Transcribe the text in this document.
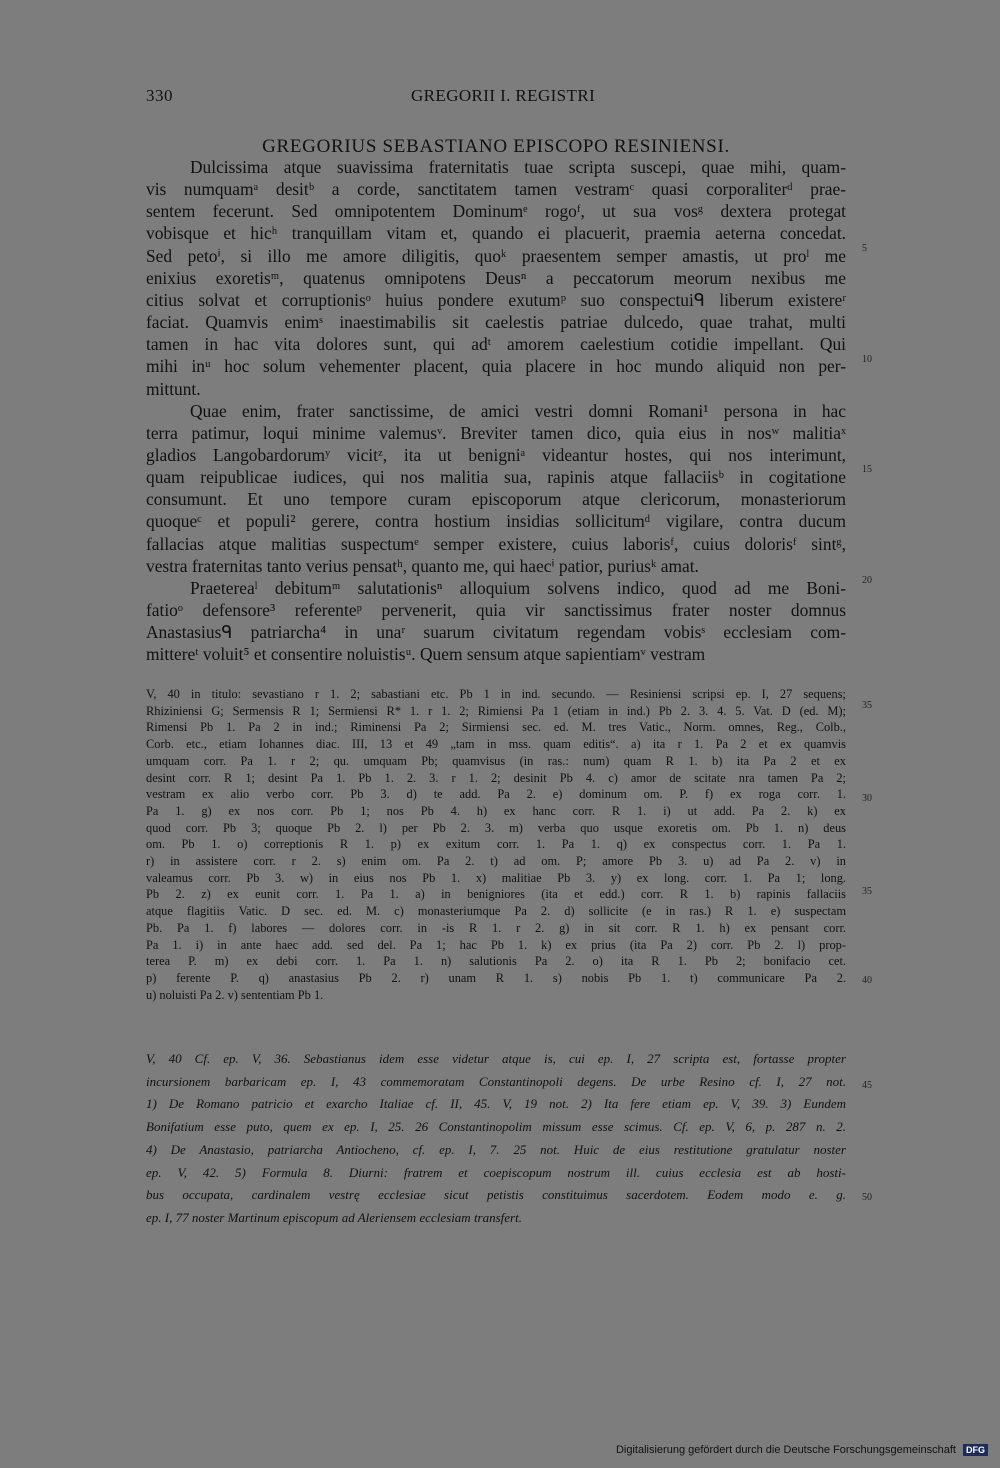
330	GREGORII I. REGISTRI
GREGORIUS SEBASTIANO EPISCOPO RESINIENSI.
Dulcissima atque suavissima fraternitatis tuae scripta suscepi, quae mihi, quam-
vis numquamᵃ desitᵇ a corde, sanctitatem tamen vestramᶜ quasi corporaliterᵈ prae-
sentem fecerunt. Sed omnipotentem Dominumᵉ rogoᶠ, ut sua vosᵍ dextera protegat
vobisque et hicʰ tranquillam vitam et, quando ei placuerit, praemia aeterna concedat.
Sed petoⁱ, si illo me amore diligitis, quoᵏ praesentem semper amastis, ut proˡ me
enixius exoretisᵐ, quatenus omnipotens Deusⁿ a peccatorum meorum nexibus me
citius solvat et corruptionisᵒ huius pondere exutumᵖ suo conspectuiᑫ liberum existereʳ
faciat. Quamvis enimˢ inaestimabilis sit caelestis patriae dulcedo, quae trahat, multi
tamen in hac vita dolores sunt, qui adᵗ amorem caelestium cotidie impellant. Qui
mihi inᵘ hoc solum vehementer placent, quia placere in hoc mundo aliquid non per-
mittunt.
Quae enim, frater sanctissime, de amici vestri domni Romani¹ persona in hac
terra patimur, loqui minime valemusᵛ. Breviter tamen dico, quia eius in nosʷ malitiaˣ
gladios Langobardorumʸ vicitᶻ, ita ut benigniᵃ videantur hostes, qui nos interimunt,
quam reipublicae iudices, qui nos malitia sua, rapinis atque fallaciisᵇ in cogitatione
consumunt. Et uno tempore curam episcoporum atque clericorum, monasteriorum
quoqueᶜ et populi² gerere, contra hostium insidias sollicitumᵈ vigilare, contra ducum
fallacias atque malitias suspectumᵉ semper existere, cuius laborisᶠ, cuius dolorisᶠ sintᵍ,
vestra fraternitas tanto verius pensatʰ, quanto me, qui haecⁱ patior, puriusᵏ amat.
Praetereaˡ debitumᵐ salutationisⁿ alloquium solvens indico, quod ad me Boni-
fatioᵒ defensore³ referenteᵖ pervenerit, quia vir sanctissimus frater noster domnus
Anastasiusᑫ patriarcha⁴ in unaʳ suarum civitatum regendam vobisˢ ecclesiam com-
mittereᵗ voluit⁵ et consentire noluistisᵘ. Quem sensum atque sapientiamᵛ vestram
5
10
15
20
V, 40 in titulo: sevastiano r 1. 2; sabastiani etc. Pb 1 in ind. secundo. — Resiniensi scripsi ep. I, 27 sequens;
Rhiziniensi G; Sermensis R 1; Sermiensi R* 1. r 1. 2; Rimiensi Pa 1 (etiam in ind.) Pb 2. 3. 4. 5. Vat. D (ed. M);
Rimensi Pb 1. Pa 2 in ind.; Riminensi Pa 2; Sirmiensi sec. ed. M. tres Vatic., Norm. omnes, Reg., Colb.,
Corb. etc., etiam Iohannes diac. III, 13 et 49 „tam in mss. quam editis“. a) ita r 1. Pa 2 et ex quamvis
umquam corr. Pa 1. r 2; qu. umquam Pb; quamvisus (in ras.: num) quam R 1. b) ita Pa 2 et ex
desint corr. R 1; desint Pa 1. Pb 1. 2. 3. r 1. 2; desinit Pb 4. c) amor de scitate nra tamen Pa 2;
vestram ex alio verbo corr. Pb 3. d) te add. Pa 2. e) dominum om. P. f) ex roga corr. 1.
Pa 1. g) ex nos corr. Pb 1; nos Pb 4. h) ex hanc corr. R 1. i) ut add. Pa 2. k) ex
quod corr. Pb 3; quoque Pb 2. l) per Pb 2. 3. m) verba quo usque exoretis om. Pb 1. n) deus
om. Pb 1. o) correptionis R 1. p) ex exitum corr. 1. Pa 1. q) ex conspectus corr. 1. Pa 1.
r) in assistere corr. r 2. s) enim om. Pa 2. t) ad om. P; amore Pb 3. u) ad Pa 2. v) in
valeamus corr. Pb 3. w) in eius nos Pb 1. x) malitiae Pb 3. y) ex long. corr. 1. Pa 1; long.
Pb 2. z) ex eunit corr. 1. Pa 1. a) in benigniores (ita et edd.) corr. R 1. b) rapinis fallaciis
atque flagitiis Vatic. D sec. ed. M. c) monasteriumque Pa 2. d) sollicite (e in ras.) R 1. e) suspectam
Pb. Pa 1. f) labores — dolores corr. in -is R 1. r 2. g) in sit corr. R 1. h) ex pensant corr.
Pa 1. i) in ante haec add. sed del. Pa 1; hac Pb 1. k) ex prius (ita Pa 2) corr. Pb 2. l) prop-
terea P. m) ex debi corr. 1. Pa 1. n) salutionis Pa 2. o) ita R 1. Pb 2; bonifacio cet.
p) ferente P. q) anastasius Pb 2. r) unam R 1. s) nobis Pb 1. t) communicare Pa 2.
u) noluisti Pa 2. v) sententiam Pb 1.
35
30
35
40
V, 40 Cf. ep. V, 36. Sebastianus idem esse videtur atque is, cui ep. I, 27 scripta est, fortasse propter
incursionem barbaricam ep. I, 43 commemoratam Constantinopoli degens. De urbe Resino cf. I, 27 not.
1) De Romano patricio et exarcho Italiae cf. II, 45. V, 19 not. 2) Ita fere etiam ep. V, 39. 3) Eundem
Bonifatium esse puto, quem ex ep. I, 25. 26 Constantinopolim missum esse scimus. Cf. ep. V, 6, p. 287 n. 2.
4) De Anastasio, patriarcha Antiocheno, cf. ep. I, 7. 25 not. Huic de eius restitutione gratulatur noster
ep. V, 42. 5) Formula 8. Diurni: fratrem et coepiscopum nostrum ill. cuius ecclesia est ab hosti-
bus occupata, cardinalem vestrę ecclesiae sicut petistis constituimus sacerdotem. Eodem modo e. g.
ep. I, 77 noster Martinum episcopum ad Aleriensem ecclesiam transfert.
45
50
Digitalisierung gefördert durch die Deutsche Forschungsgemeinschaft DFG
